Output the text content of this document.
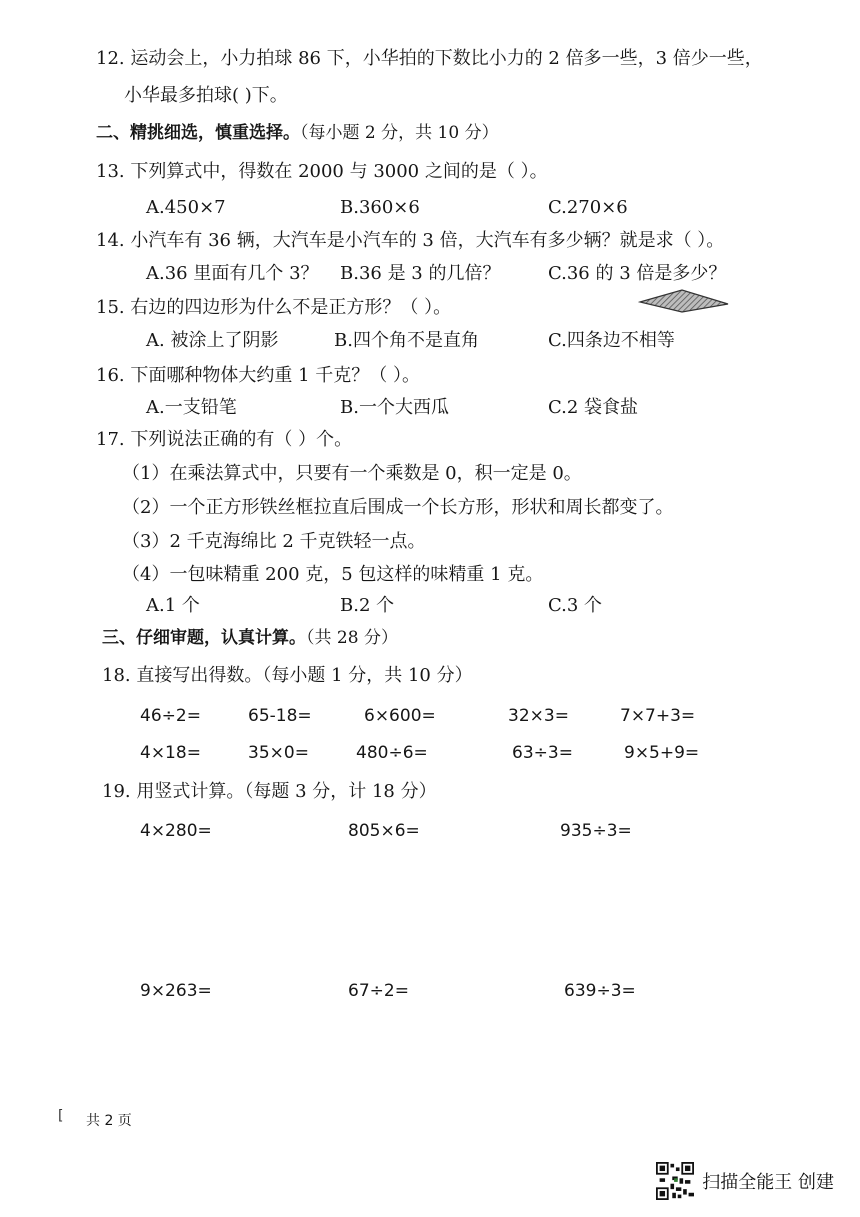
12. 运动会上，小力拍球 86 下，小华拍的下数比小力的 2 倍多一些，3 倍少一些，
小华最多拍球( )下。
二、精挑细选，慎重选择。（每小题 2 分，共 10 分）
13. 下列算式中，得数在 2000 与 3000 之间的是（ ）。
A.450×7	B.360×6	C.270×6
14. 小汽车有 36 辆，大汽车是小汽车的 3 倍，大汽车有多少辆？就是求（ ）。
A.36 里面有几个 3？ B.36 是 3 的几倍？	C.36 的 3 倍是多少？
15. 右边的四边形为什么不是正方形？（ ）。
A. 被涂上了阴影	B.四个角不是直角	C.四条边不相等
16. 下面哪种物体大约重 1 千克？（ ）。
A.一支铅笔	B.一个大西瓜	C.2 袋食盐
17. 下列说法正确的有（ ）个。
（1）在乘法算式中，只要有一个乘数是 0，积一定是 0。
（2）一个正方形铁丝框拉直后围成一个长方形，形状和周长都变了。
（3）2 千克海绵比 2 千克铁轻一点。
（4）一包味精重 200 克，5 包这样的味精重 1 克。
A.1 个	B.2 个	C.3 个
三、仔细审题，认真计算。（共 28 分）
18. 直接写出得数。（每小题 1 分，共 10 分）
46÷2=	65-18=	6×600=	32×3=	7×7+3=
4×18=	35×0=	480÷6=	63÷3=	9×5+9=
19. 用竖式计算。（每题 3 分，计 18 分）
4×280=	805×6=	935÷3=
9×263=	67÷2=	639÷3=
[ 共 2 页
扫描全能王 创建
